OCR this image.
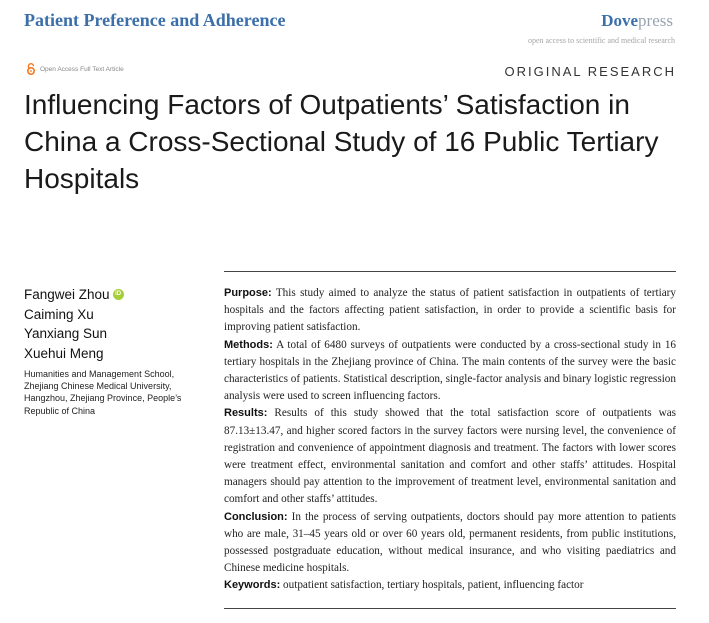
Patient Preference and Adherence	Dovepress
open access to scientific and medical research
Open Access Full Text Article	ORIGINAL RESEARCH
Influencing Factors of Outpatients’ Satisfaction in China a Cross-Sectional Study of 16 Public Tertiary Hospitals
Fangwei Zhou iD
Caiming Xu
Yanxiang Sun
Xuehui Meng
Humanities and Management School, Zhejiang Chinese Medical University, Hangzhou, Zhejiang Province, People’s Republic of China

Purpose: This study aimed to analyze the status of patient satisfaction in outpatients of tertiary hospitals and the factors affecting patient satisfaction, in order to provide a scientific basis for improving patient satisfaction.

Methods: A total of 6480 surveys of outpatients were conducted by a cross-sectional study in 16 tertiary hospitals in the Zhejiang province of China. The main contents of the survey were the basic characteristics of patients. Statistical description, single-factor analysis and binary logistic regression analysis were used to screen influencing factors.

Results: Results of this study showed that the total satisfaction score of outpatients was 87.13±13.47, and higher scored factors in the survey factors were nursing level, the convenience of registration and convenience of appointment diagnosis and treatment. The factors with lower scores were treatment effect, environmental sanitation and comfort and other staffs’ attitudes. Hospital managers should pay attention to the improvement of treatment level, environmental sanitation and comfort and other staffs’ attitudes.

Conclusion: In the process of serving outpatients, doctors should pay more attention to patients who are male, 31–45 years old or over 60 years old, permanent residents, from public institutions, possessed postgraduate education, without medical insurance, and who visiting paediatrics and Chinese medicine hospitals.

Keywords: outpatient satisfaction, tertiary hospitals, patient, influencing factor
